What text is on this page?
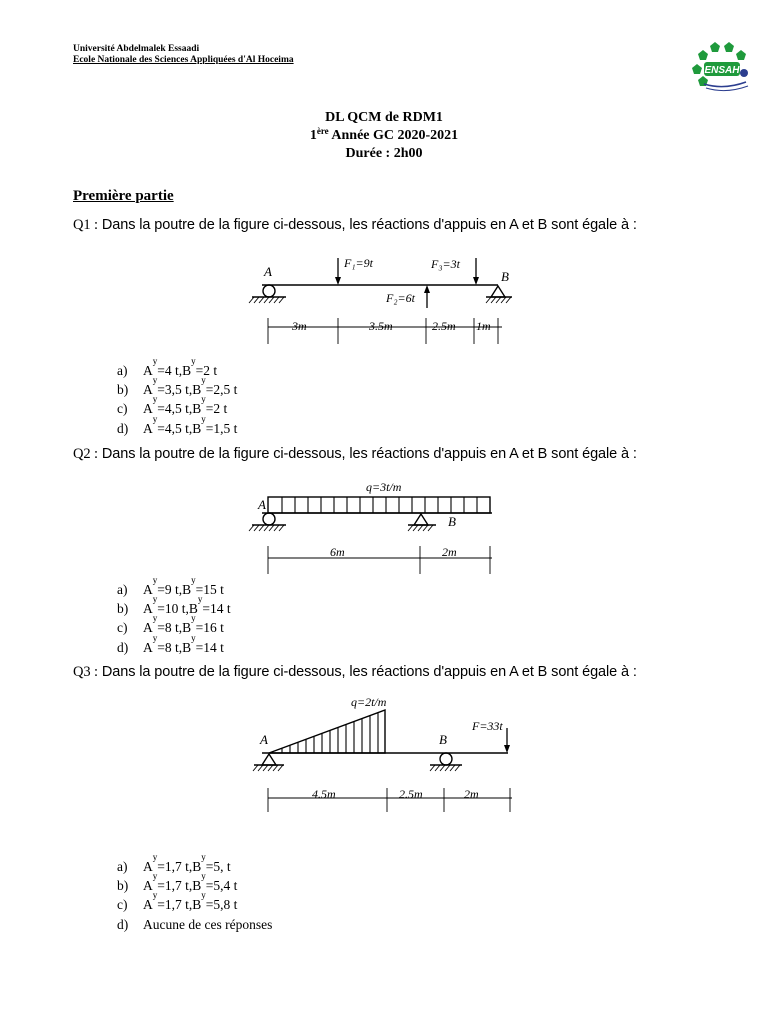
Université Abdelmalek Essaadi
Ecole Nationale des Sciences Appliquées d'Al Hoceima
ENSAH
DL QCM de RDM1
1ère Année GC 2020-2021
Durée : 2h00
Première partie
Q1 : Dans la poutre de la figure ci-dessous, les réactions d'appuis en A et B sont égale à :
A	B
F₁=9t	F₃=3t
F₂=6t
3m	3.5m	2.5m 1m
a)	A
y
= 4 t , B
y
= 2 t
b)	A
y
= 3,5 t , B
y
= 2,5 t
c)	A
y
= 4,5 t , B
y
= 2 t
d)	A
y
= 4,5 t , B
y
= 1,5 t
Q2 : Dans la poutre de la figure ci-dessous, les réactions d'appuis en A et B sont égale à :
A
B
q=3t/m
6m	2m
a)	A
y
= 9 t , B
y
= 15 t
b)	A
y
= 10 t , B
y
= 14 t
c)	A
y
= 8 t , B
y
= 16 t
d)	A
y
= 8 t , B
y
= 14 t
Q3 : Dans la poutre de la figure ci-dessous, les réactions d'appuis en A et B sont égale à :
A	B
q=2t/m
F=33t
4.5m	2.5m	2m
a)	A
y
= 1,7 t , B
y
= 5, t
b)	A
y
= 1,7 t , B
y
= 5,4 t
c)	A
y
= 1,7 t , B
y
= 5,8 t
d)	Aucune de ces réponses
